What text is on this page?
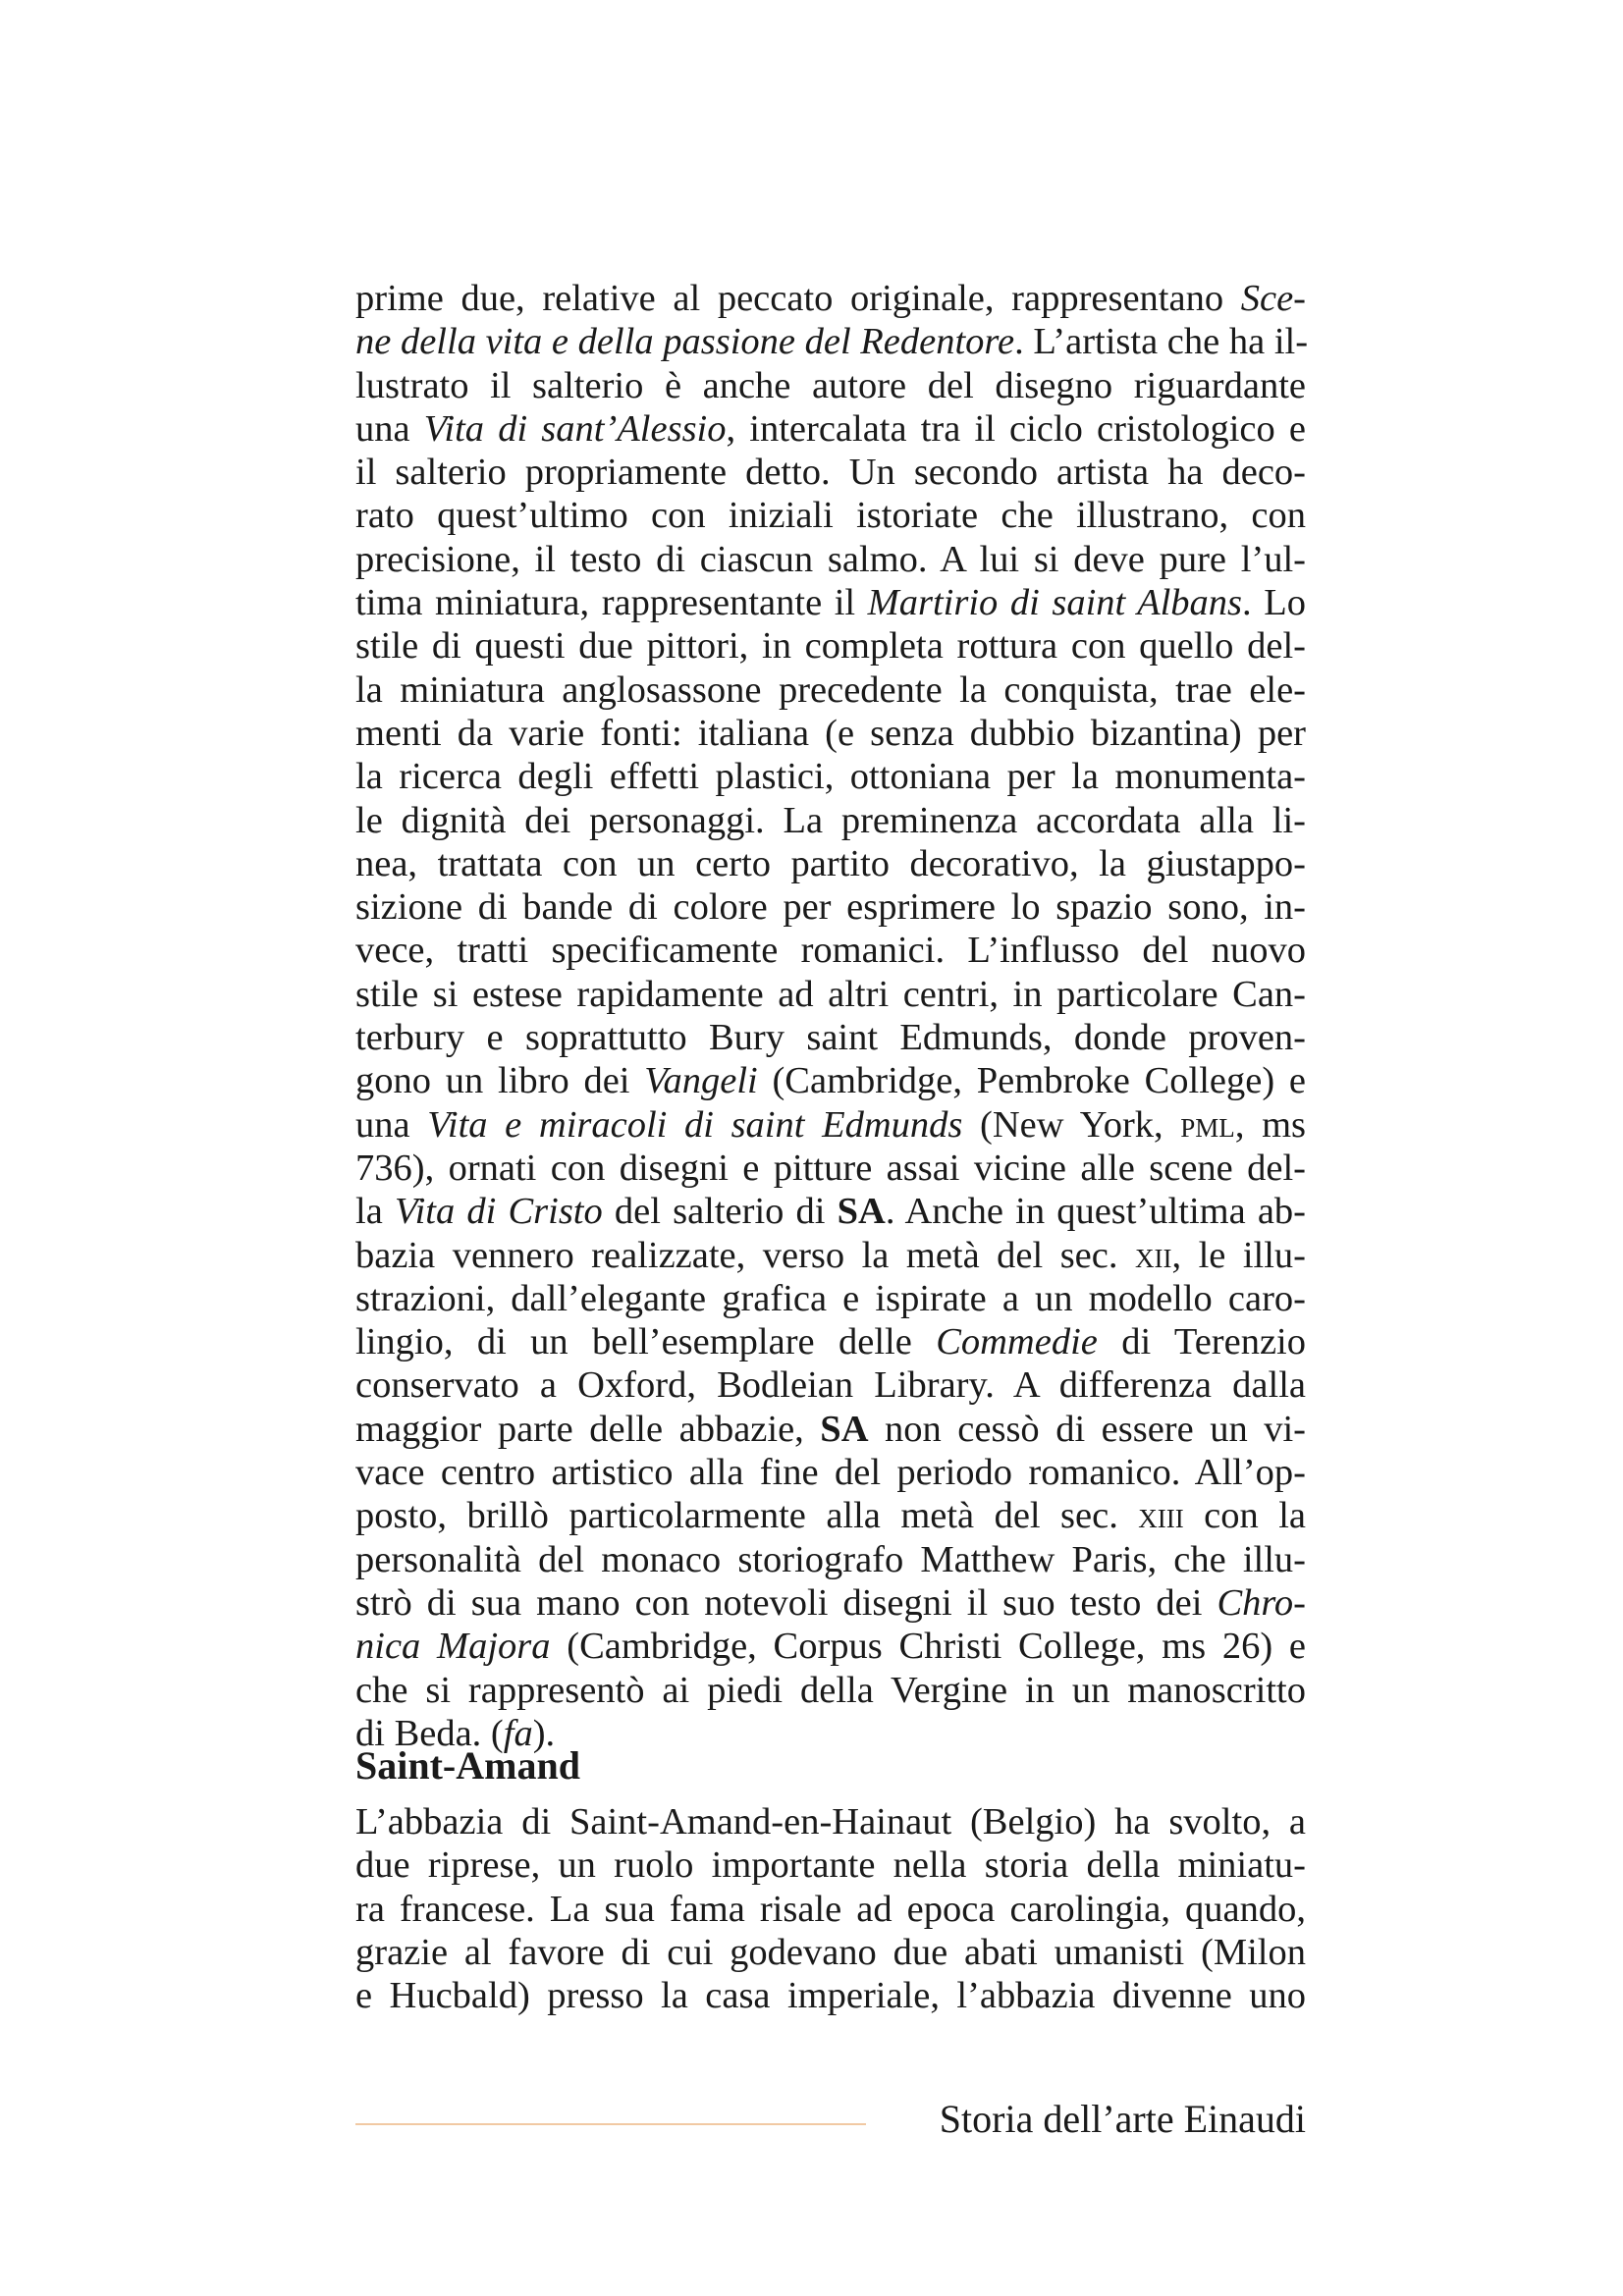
prime due, relative al peccato originale, rappresentano Sce-
ne della vita e della passione del Redentore. L’artista che ha il-
lustrato il salterio è anche autore del disegno riguardante
una Vita di sant’Alessio, intercalata tra il ciclo cristologico e
il salterio propriamente detto. Un secondo artista ha deco-
rato quest’ultimo con iniziali istoriate che illustrano, con
precisione, il testo di ciascun salmo. A lui si deve pure l’ul-
tima miniatura, rappresentante il Martirio di saint Albans. Lo
stile di questi due pittori, in completa rottura con quello del-
la miniatura anglosassone precedente la conquista, trae ele-
menti da varie fonti: italiana (e senza dubbio bizantina) per
la ricerca degli effetti plastici, ottoniana per la monumenta-
le dignità dei personaggi. La preminenza accordata alla li-
nea, trattata con un certo partito decorativo, la giustappo-
sizione di bande di colore per esprimere lo spazio sono, in-
vece, tratti specificamente romanici. L’influsso del nuovo
stile si estese rapidamente ad altri centri, in particolare Can-
terbury e soprattutto Bury saint Edmunds, donde proven-
gono un libro dei Vangeli (Cambridge, Pembroke College) e
una Vita e miracoli di saint Edmunds (New York, pml, ms
736), ornati con disegni e pitture assai vicine alle scene del-
la Vita di Cristo del salterio di SA. Anche in quest’ultima ab-
bazia vennero realizzate, verso la metà del sec. xii, le illu-
strazioni, dall’elegante grafica e ispirate a un modello caro-
lingio, di un bell’esemplare delle Commedie di Terenzio
conservato a Oxford, Bodleian Library. A differenza dalla
maggior parte delle abbazie, SA non cessò di essere un vi-
vace centro artistico alla fine del periodo romanico. All’op-
posto, brillò particolarmente alla metà del sec. xiii con la
personalità del monaco storiografo Matthew Paris, che illu-
strò di sua mano con notevoli disegni il suo testo dei Chro-
nica Majora (Cambridge, Corpus Christi College, ms 26) e
che si rappresentò ai piedi della Vergine in un manoscritto
di Beda. (fa).
Saint-Amand
L’abbazia di Saint-Amand-en-Hainaut (Belgio) ha svolto, a
due riprese, un ruolo importante nella storia della miniatu-
ra francese. La sua fama risale ad epoca carolingia, quando,
grazie al favore di cui godevano due abati umanisti (Milon
e Hucbald) presso la casa imperiale, l’abbazia divenne uno
Storia dell’arte Einaudi
